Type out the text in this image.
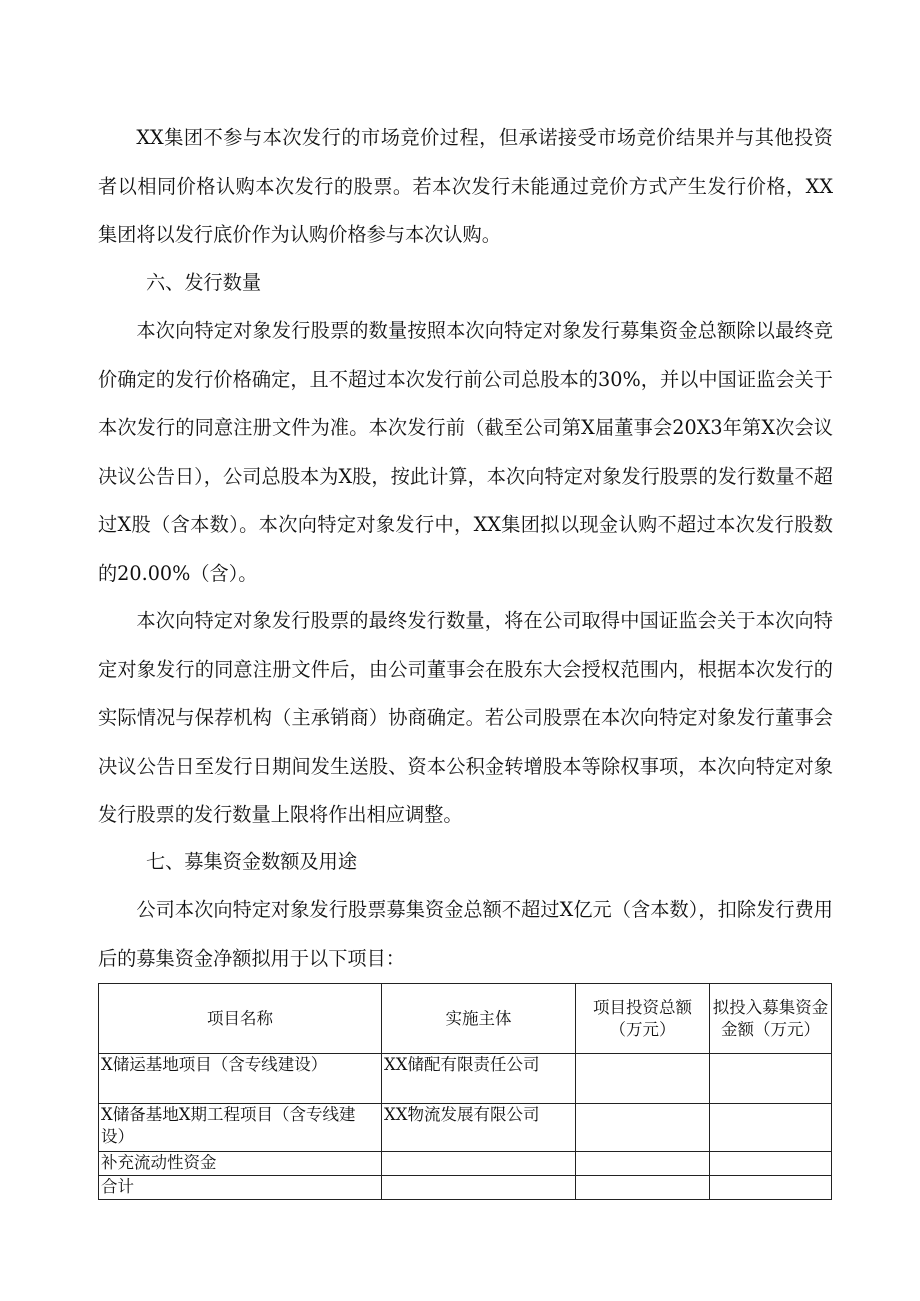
XX集团不参与本次发行的市场竞价过程，但承诺接受市场竞价结果并与其他投资者以相同价格认购本次发行的股票。若本次发行未能通过竞价方式产生发行价格，XX集团将以发行底价作为认购价格参与本次认购。

六、发行数量

本次向特定对象发行股票的数量按照本次向特定对象发行募集资金总额除以最终竞价确定的发行价格确定，且不超过本次发行前公司总股本的30%，并以中国证监会关于本次发行的同意注册文件为准。本次发行前（截至公司第X届董事会20X3年第X次会议决议公告日），公司总股本为X股，按此计算，本次向特定对象发行股票的发行数量不超过X股（含本数）。本次向特定对象发行中，XX集团拟以现金认购不超过本次发行股数的20.00%（含）。

本次向特定对象发行股票的最终发行数量，将在公司取得中国证监会关于本次向特定对象发行的同意注册文件后，由公司董事会在股东大会授权范围内，根据本次发行的实际情况与保荐机构（主承销商）协商确定。若公司股票在本次向特定对象发行董事会决议公告日至发行日期间发生送股、资本公积金转增股本等除权事项，本次向特定对象发行股票的发行数量上限将作出相应调整。

七、募集资金数额及用途

公司本次向特定对象发行股票募集资金总额不超过X亿元（含本数），扣除发行费用后的募集资金净额拟用于以下项目：

项目名称	实施主体	项目投资总额（万元）	拟投入募集资金金额（万元）
X储运基地项目（含专线建设）	XX储配有限责任公司		
X储备基地X期工程项目（含专线建设）	XX物流发展有限公司		
补充流动性资金			
合计			
